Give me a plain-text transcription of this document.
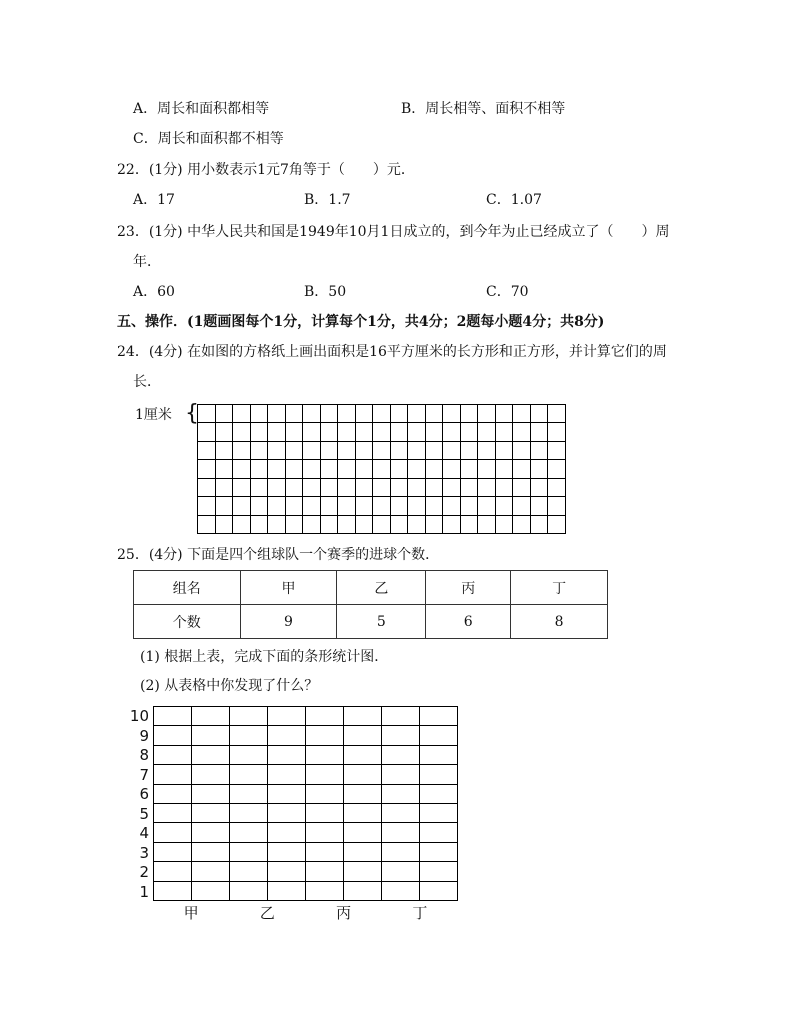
A．周长和面积都相等	B．周长相等、面积不相等
C．周长和面积都不相等
22．(1分) 用小数表示1元7角等于（　　）元．
A．17	B．1.7	C．1.07
23．(1分) 中华人民共和国是1949年10月1日成立的，到今年为止已经成立了（　　）周
年．
A．60	B．50	C．70
五、操作．(1题画图每个1分，计算每个1分，共4分；2题每小题4分；共8分)
24．(4分) 在如图的方格纸上画出面积是16平方厘米的长方形和正方形，并计算它们的周
长．
1厘米 {
25．(4分) 下面是四个组球队一个赛季的进球个数．
组名	甲	乙	丙	丁
个数	9	5	6	8
(1) 根据上表，完成下面的条形统计图．
(2) 从表格中你发现了什么？
10
9
8
7
6
5
4
3
2
1
甲	乙	丙	丁
